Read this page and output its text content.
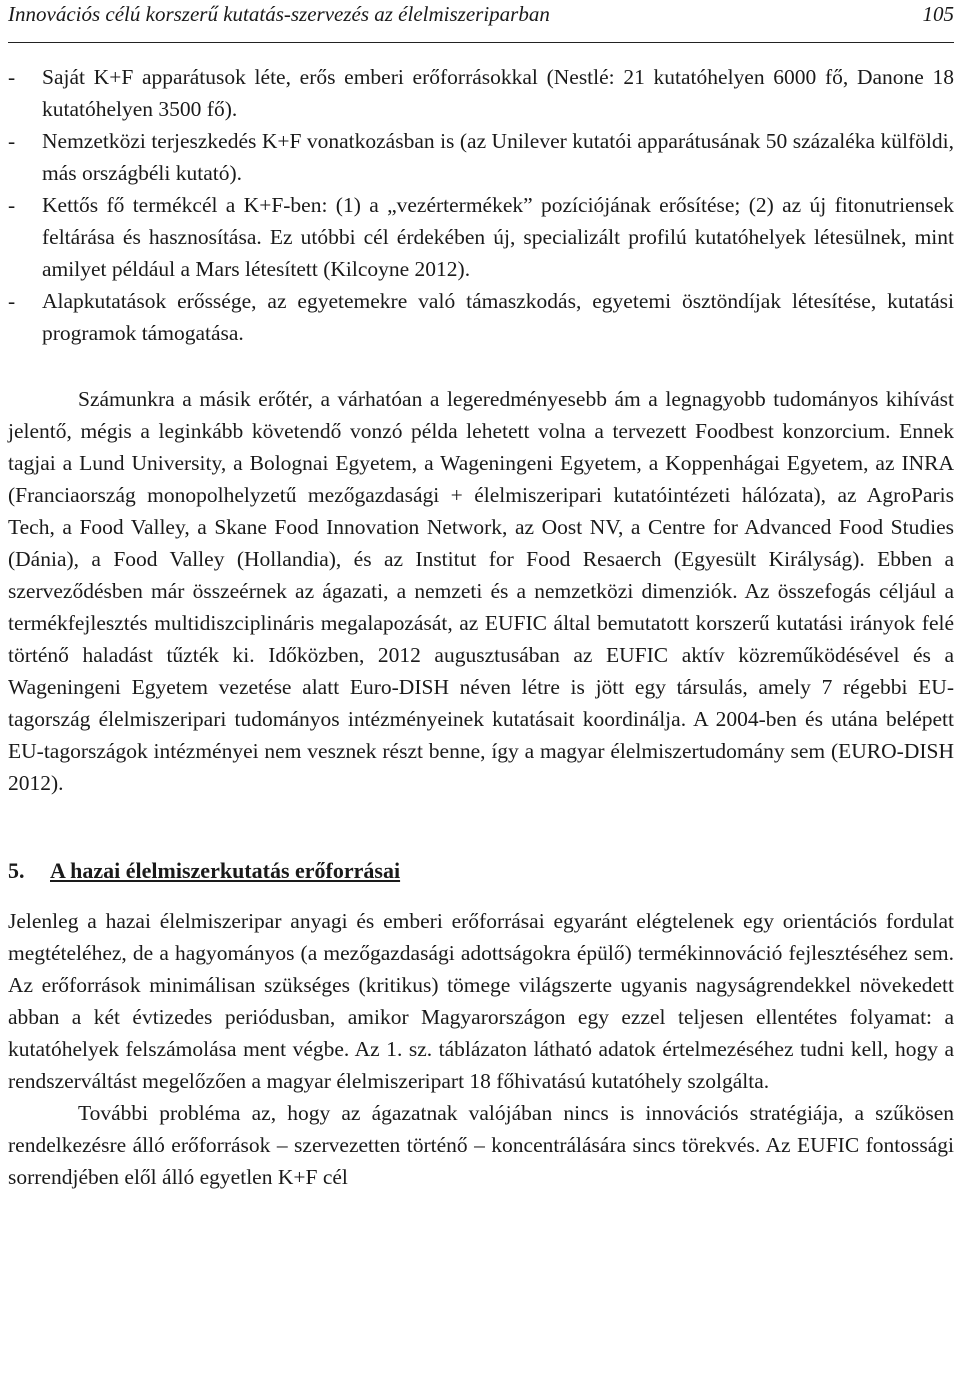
Innovációs célú korszerű kutatás-szervezés az élelmiszeriparban	105
- Saját K+F apparátusok léte, erős emberi erőforrásokkal (Nestlé: 21 kutatóhelyen 6000 fő, Danone 18 kutatóhelyen 3500 fő).
- Nemzetközi terjeszkedés K+F vonatkozásban is (az Unilever kutatói apparátusának 50 százaléka külföldi, más országbéli kutató).
- Kettős fő termékcél a K+F-ben: (1) a „vezértermékek” pozíciójának erősítése; (2) az új fitonutriensek feltárása és hasznosítása. Ez utóbbi cél érdekében új, specializált profilú kutatóhelyek létesülnek, mint amilyet például a Mars létesített (Kilcoyne 2012).
- Alapkutatások erőssége, az egyetemekre való támaszkodás, egyetemi ösztöndíjak létesítése, kutatási programok támogatása.

Számunkra a másik erőtér, a várhatóan a legeredményesebb ám a legnagyobb tudományos kihívást jelentő, mégis a leginkább követendő vonzó példa lehetett volna a tervezett Foodbest konzorcium. Ennek tagjai a Lund University, a Bolognai Egyetem, a Wageningeni Egyetem, a Koppenhágai Egyetem, az INRA (Franciaország monopolhelyzetű mezőgazdasági + élelmiszeripari kutatóintézeti hálózata), az AgroParis Tech, a Food Valley, a Skane Food Innovation Network, az Oost NV, a Centre for Advanced Food Studies (Dánia), a Food Valley (Hollandia), és az Institut for Food Resaerch (Egyesült Királyság). Ebben a szerveződésben már összeérnek az ágazati, a nemzeti és a nemzetközi dimenziók. Az összefogás céljául a termékfejlesztés multidiszciplináris megalapozását, az EUFIC által bemutatott korszerű kutatási irányok felé történő haladást tűzték ki. Időközben, 2012 augusztusában az EUFIC aktív közreműködésével és a Wageningeni Egyetem vezetése alatt Euro-DISH néven létre is jött egy társulás, amely 7 régebbi EU-tagország élelmiszeripari tudományos intézményeinek kutatásait koordinálja. A 2004-ben és utána belépett EU-tagországok intézményei nem vesznek részt benne, így a magyar élelmiszertudomány sem (EURO-DISH 2012).

5. A hazai élelmiszerkutatás erőforrásai

Jelenleg a hazai élelmiszeripar anyagi és emberi erőforrásai egyaránt elégtelenek egy orientációs fordulat megtételéhez, de a hagyományos (a mezőgazdasági adottságokra épülő) termékinnováció fejlesztéséhez sem. Az erőforrások minimálisan szükséges (kritikus) tömege világszerte ugyanis nagyságrendekkel növekedett abban a két évtizedes periódusban, amikor Magyarországon egy ezzel teljesen ellentétes folyamat: a kutatóhelyek felszámolása ment végbe. Az 1. sz. táblázaton látható adatok értelmezéséhez tudni kell, hogy a rendszerváltást megelőzően a magyar élelmiszeripart 18 főhivatású kutatóhely szolgálta.

További probléma az, hogy az ágazatnak valójában nincs is innovációs stratégiája, a szűkösen rendelkezésre álló erőforrások – szervezetten történő – koncentrálására sincs törekvés. Az EUFIC fontossági sorrendjében elől álló egyetlen K+F cél
